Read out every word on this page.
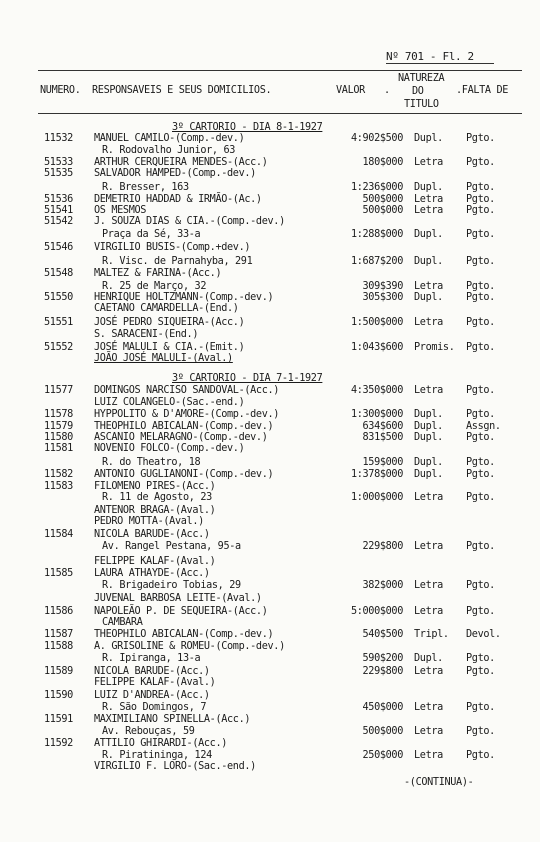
Nº 701 - Fl. 2
NUMERO. RESPONSAVEIS E SEUS DOMICILIOS.	VALOR .
NATUREZA
DO
TITULO
.FALTA DE
3º CARTORIO - DIA 8-1-1927
3º CARTORIO - DIA 7-1-1927
11532	MANUEL CAMILO-(Comp.-dev.)	4:902$500 Dupl. Pgto.
R. Rodovalho Junior, 63
51533	ARTHUR CERQUEIRA MENDES-(Acc.)	180$000 Letra Pgto.
51535	SALVADOR HAMPED-(Comp.-dev.)
R. Bresser, 163	1:236$000 Dupl. Pgto.
51536	DEMETRIO HADDAD & IRMÃO-(Ac.)	500$000 Letra Pgto.
51541	OS MESMOS	500$000 Letra Pgto.
51542	J. SOUZA DIAS & CIA.-(Comp.-dev.)
Praça da Sé, 33-a	1:288$000 Dupl. Pgto.
51546	VIRGILIO BUSIS-(Comp.+dev.)
R. Visc. de Parnahyba, 291	1:687$200 Dupl. Pgto.
51548	MALTEZ & FARINA-(Acc.)
R. 25 de Março, 32	309$390 Letra Pgto.
51550	HENRIQUE HOLTZMANN-(Comp.-dev.)	305$300 Dupl. Pgto.
CAETANO CAMARDELLA-(End.)
51551	JOSÉ PEDRO SIQUEIRA-(Acc.)	1:500$000 Letra Pgto.
S. SARACENI-(End.)
51552	JOSÉ MALULI & CIA.-(Emit.)	1:043$600 Promis. Pgto.
JOÃO JOSÉ MALULI-(Aval.)
11577	DOMINGOS NARCISO SANDOVAL-(Acc.)	4:350$000 Letra Pgto.
LUIZ COLANGELO-(Sac.-end.)
11578	HYPPOLITO & D'AMORE-(Comp.-dev.)	1:300$000 Dupl. Pgto.
11579	THEOPHILO ABICALAN-(Comp.-dev.)	634$600 Dupl. Assgn.
11580	ASCANIO MELARAGNO-(Comp.-dev.)	831$500 Dupl. Pgto.
11581	NOVENIO FOLCO-(Comp.-dev.)
R. do Theatro, 18	159$000 Dupl. Pgto.
11582	ANTONIO GUGLIANONI-(Comp.-dev.)	1:378$000 Dupl. Pgto.
11583	FILOMENO PIRES-(Acc.)
R. 11 de Agosto, 23	1:000$000 Letra Pgto.
ANTENOR BRAGA-(Aval.)
PEDRO MOTTA-(Aval.)
11584	NICOLA BARUDE-(Acc.)
Av. Rangel Pestana, 95-a	229$800 Letra Pgto.
FELIPPE KALAF-(Aval.)
11585	LAURA ATHAYDE-(Acc.)
R. Brigadeiro Tobias, 29	382$000 Letra Pgto.
JUVENAL BARBOSA LEITE-(Aval.)
11586	NAPOLEÃO P. DE SEQUEIRA-(Acc.)	5:000$000 Letra Pgto.
CAMBARA
11587	THEOPHILO ABICALAN-(Comp.-dev.)	540$500 Tripl. Devol.
11588	A. GRISOLINE & ROMEU-(Comp.-dev.)
R. Ipiranga, 13-a	590$200 Dupl. Pgto.
11589	NICOLA BARUDE-(Acc.)	229$800 Letra Pgto.
FELIPPE KALAF-(Aval.)
11590	LUIZ D'ANDREA-(Acc.)
R. São Domingos, 7	450$000 Letra Pgto.
11591	MAXIMILIANO SPINELLA-(Acc.)
Av. Rebouças, 59	500$000 Letra Pgto.
11592	ATTILIO GHIRARDI-(Acc.)
R. Piratininga, 124	250$000 Letra Pgto.
VIRGILIO F. LORO-(Sac.-end.)
-(CONTINUA)-
